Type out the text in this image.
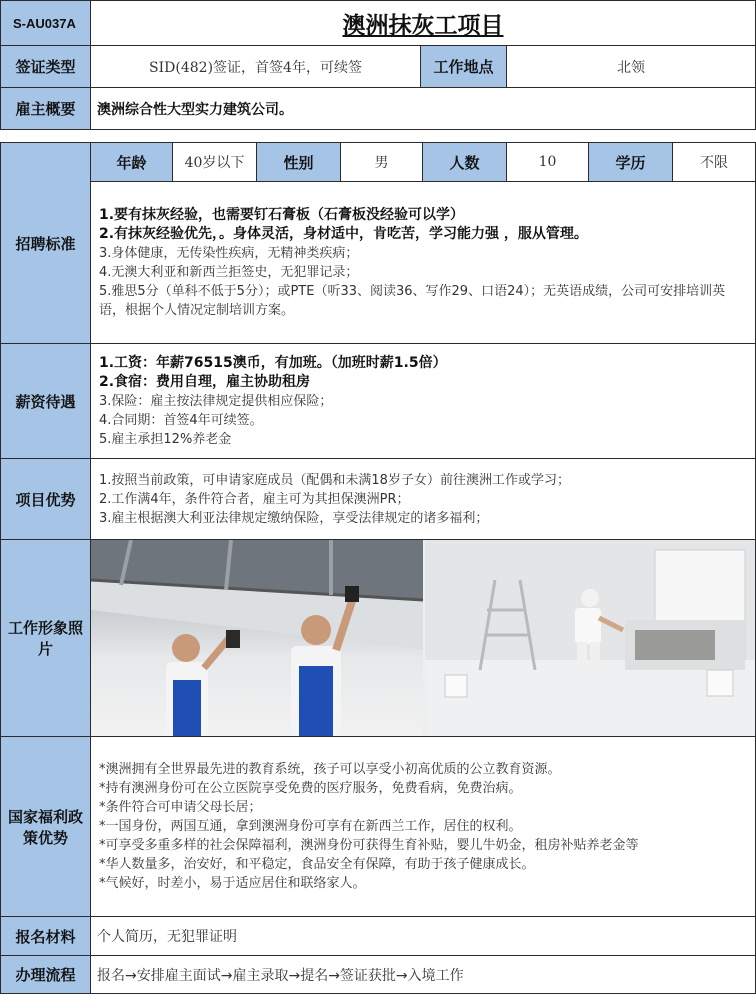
S-AU037A	澳洲抹灰工项目
签证类型	SID(482)签证，首签4年，可续签	工作地点	北领
雇主概要	澳洲综合性大型实力建筑公司。
年龄	40岁以下	性别	男	人数	10	学历	不限
招聘标准
1.要有抹灰经验，也需要钉石膏板（石膏板没经验可以学）
2.有抹灰经验优先，。身体灵活，身材适中，肯吃苦，学习能力强 ，服从管理。
3.身体健康，无传染性疾病，无精神类疾病；
4.无澳大利亚和新西兰拒签史，无犯罪记录；
5.雅思5分（单科不低于5分）；或PTE（听33、阅读36、写作29、口语24）；无英语成绩，公司可安排培训英语，根据个人情况定制培训方案。
薪资待遇
1.工资：年薪76515澳币，有加班。（加班时薪1.5倍）
2.食宿：费用自理，雇主协助租房
3.保险：雇主按法律规定提供相应保险；
4.合同期：首签4年可续签。
5.雇主承担12%养老金
项目优势
1.按照当前政策，可申请家庭成员（配偶和未满18岁子女）前往澳洲工作或学习；
2.工作满4年，条件符合者，雇主可为其担保澳洲PR；
3.雇主根据澳大利亚法律规定缴纳保险，享受法律规定的诸多福利；
工作形象照片
国家福利政策优势
*澳洲拥有全世界最先进的教育系统，孩子可以享受小初高优质的公立教育资源。
*持有澳洲身份可在公立医院享受免费的医疗服务，免费看病，免费治病。
*条件符合可申请父母长居；
*一国身份，两国互通，拿到澳洲身份可享有在新西兰工作，居住的权利。
*可享受多重多样的社会保障福利，澳洲身份可获得生育补贴，婴儿牛奶金，租房补贴养老金等
*华人数量多，治安好，和平稳定，食品安全有保障，有助于孩子健康成长。
*气候好，时差小，易于适应居住和联络家人。
报名材料	个人简历，无犯罪证明
办理流程	报名→安排雇主面试→雇主录取→提名→签证获批→入境工作
